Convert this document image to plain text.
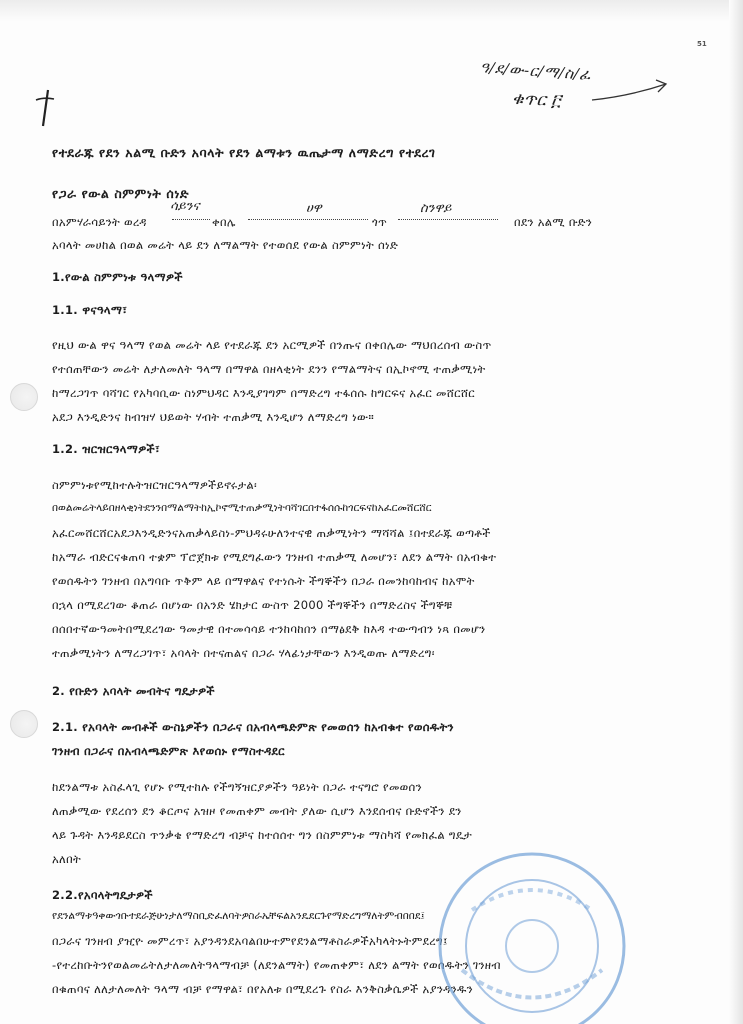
51
ዓ/ደ/ው-ር/ማ/ስ/ፈ
ቁጥር ፫
የተደራጁ የደን አልሚ ቡድን አባላት የደን ልማቱን ዉጤታማ ለማድረግ የተደረገ
የጋራ የውል ስምምነት ሰነድ
በአምሃራሳይንት ወረዳ	ቀበሌ	ጎጥ	በደን አልሚ ቡድን
ሳይንና	ሀዋ	ስንዋይ
አባላት መሀከል በወል መሬት ላይ ደን ለማልማት የተወሰደ የውል ስምምነት ሰነድ
1.የውል ስምምነቱ ዓላማዎች
1.1. ዋናዓላማ፣
የዚህ ውል ዋና ዓላማ የወል መሬት ላይ የተደራጁ ደን አርሚዎች በንጡና በቀበሌው ማህበረሰብ ውስጥ
የተሰጠቸውን መሬት ለታለመለት ዓላማ በማዋል በዘላቂነት ደንን የማልማትና በኢኮኖሚ ተጠቃሚነት
ከማረጋገጥ ባሻገር የአካባቢው ስነምህዳር እንዲያገግም በማድረግ ተፋሰሱ ከግርፍና አፈር መሸርሸር
አደጋ እንዲድንና ከብዝሃ ህይወት ሃብት ተጠቃሚ እንዲሆን ለማድረግ ነው።
1.2. ዝርዝርዓላማዎች፣
ስምምነቱየሚከተሉትዝርዝርዓላማዎችይኖሩታል፡
በወልመሬትላይበዘላቂነትደንንበማልማትከኢኮኖሚተጠቃሚነትባሻገርበተፋሰሱከጎርፍናከአፈርመሸርሸር
አፈርመሸርሸርአደጋእንዲድንናአጠቃላይስነ-ምህዳሩሁለንተናዊ ጠቃሚነትን ማሻሻል ፤በተደራጁ ወጣቶች
ከአማራ ብድርናቁጠባ ተቋም ፕሮጀክቱ የሚደግፈውን ገንዘብ ተጠቃሚ ለመሆን፣ ለደን ልማት በአብቁተ
የወሰዱትን ገንዘብ በአግባቡ ጥቅም ላይ በማዋልና የተነሱት ችግኞችን በጋራ በመንከባከብና ከአሞት
በኋላ በሚደረገው ቆጠራ በሆነው በአንድ ሄክታር ውስጥ 2000 ችግኞችን በማድረስና ችግኞቹ
በሰበተኛውዓመትበሚደረገው ዓመታዊ በተመሳሳይ ተንከባከበን በማፅደቅ ከእዳ ተውጣብን ነጻ በመሆን
ተጠቃሚነትን ለማረጋገጥ፣ አባላት በተናጠልና በጋራ ሃላፊነታቸውን እንዲወጡ ለማድረግ፡
2. የቡድን አባላት መብትና ግዴታዎች
2.1. የአባላት መብቶች ውስኔዎችን በጋራና በአብላጫድምጽ የመወሰን ከአብቁተ የወሰዱትን
ገንዘብ በጋራና በአብላጫድምጽ እየወሰኑ የማስተዳደር
ከደንልማቱ አስፈላጊ የሆኑ የሚተከሉ የችግኝዝርያዎችን ዓይነት በጋራ ተናግሮ የመወሰን
ለጠቃሚው የደረሰን ደን ቆርጦና አዝዞ የመጠቀም መብት ያለው ሲሆን እንደሰብና ቡድኖችን ደን
ላይ ጉዳት እንዳይደርስ ጥንቃቄ የማድረግ ብቻና ከተሰሰተ ግን በስምምነቱ ማስካሻ የመክፈል ግዴታ
አለበት
2.2.የአባላትግዴታዎች
የደንልማቱዓቀውጎቡተደራጅሁነታለማስቢድፈለባትዎስራኤቸፍልአንዴደርጉየማድረግማለትምብበበደ፤
በጋራና ገንዘብ ያዢዮ መምረጥ፣ አያንዳንደአባልበሁተምየደንልማቶስራዎችአካላትኑትምደረግ፤
-የተረከቡትንየወልመሬትለታለመለትዓላማብቻ (ለደንልማት) የመጠቀም፣ ለደን ልማት የወሰዱትን ገንዘብ
በቁጠባና ለለታለመለት ዓላማ ብቻ የማዋል፣ በየአለቱ በሚደረጉ የስራ እንቅስቃሴዎች አያንዳንዱን
